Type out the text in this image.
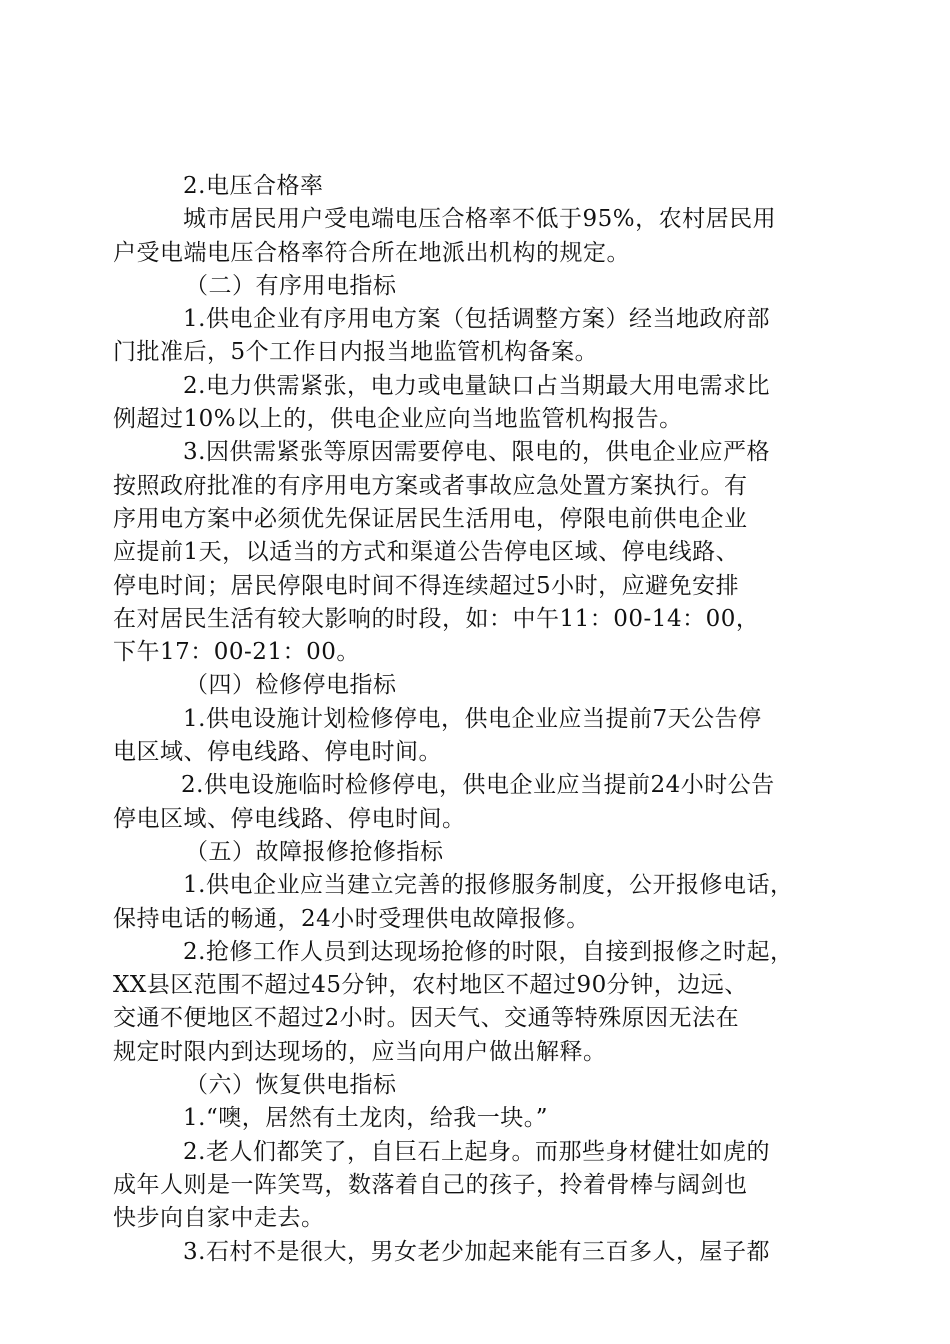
2.电压合格率
城市居民用户受电端电压合格率不低于95%，农村居民用
户受电端电压合格率符合所在地派出机构的规定。
（二）有序用电指标
1.供电企业有序用电方案（包括调整方案）经当地政府部
门批准后，5个工作日内报当地监管机构备案。
2.电力供需紧张，电力或电量缺口占当期最大用电需求比
例超过10%以上的，供电企业应向当地监管机构报告。
3.因供需紧张等原因需要停电、限电的，供电企业应严格
按照政府批准的有序用电方案或者事故应急处置方案执行。有
序用电方案中必须优先保证居民生活用电，停限电前供电企业
应提前1天，以适当的方式和渠道公告停电区域、停电线路、
停电时间；居民停限电时间不得连续超过5小时，应避免安排
在对居民生活有较大影响的时段，如：中午11：00-14：00，
下午17：00-21：00。
（四）检修停电指标
1.供电设施计划检修停电，供电企业应当提前7天公告停
电区域、停电线路、停电时间。
2.供电设施临时检修停电，供电企业应当提前24小时公告
停电区域、停电线路、停电时间。
（五）故障报修抢修指标
1.供电企业应当建立完善的报修服务制度，公开报修电话，
保持电话的畅通，24小时受理供电故障报修。
2.抢修工作人员到达现场抢修的时限，自接到报修之时起，
XX县区范围不超过45分钟，农村地区不超过90分钟，边远、
交通不便地区不超过2小时。因天气、交通等特殊原因无法在
规定时限内到达现场的，应当向用户做出解释。
（六）恢复供电指标
1.“噢，居然有土龙肉，给我一块。”
2.老人们都笑了，自巨石上起身。而那些身材健壮如虎的
成年人则是一阵笑骂，数落着自己的孩子，拎着骨棒与阔剑也
快步向自家中走去。
3.石村不是很大，男女老少加起来能有三百多人，屋子都
